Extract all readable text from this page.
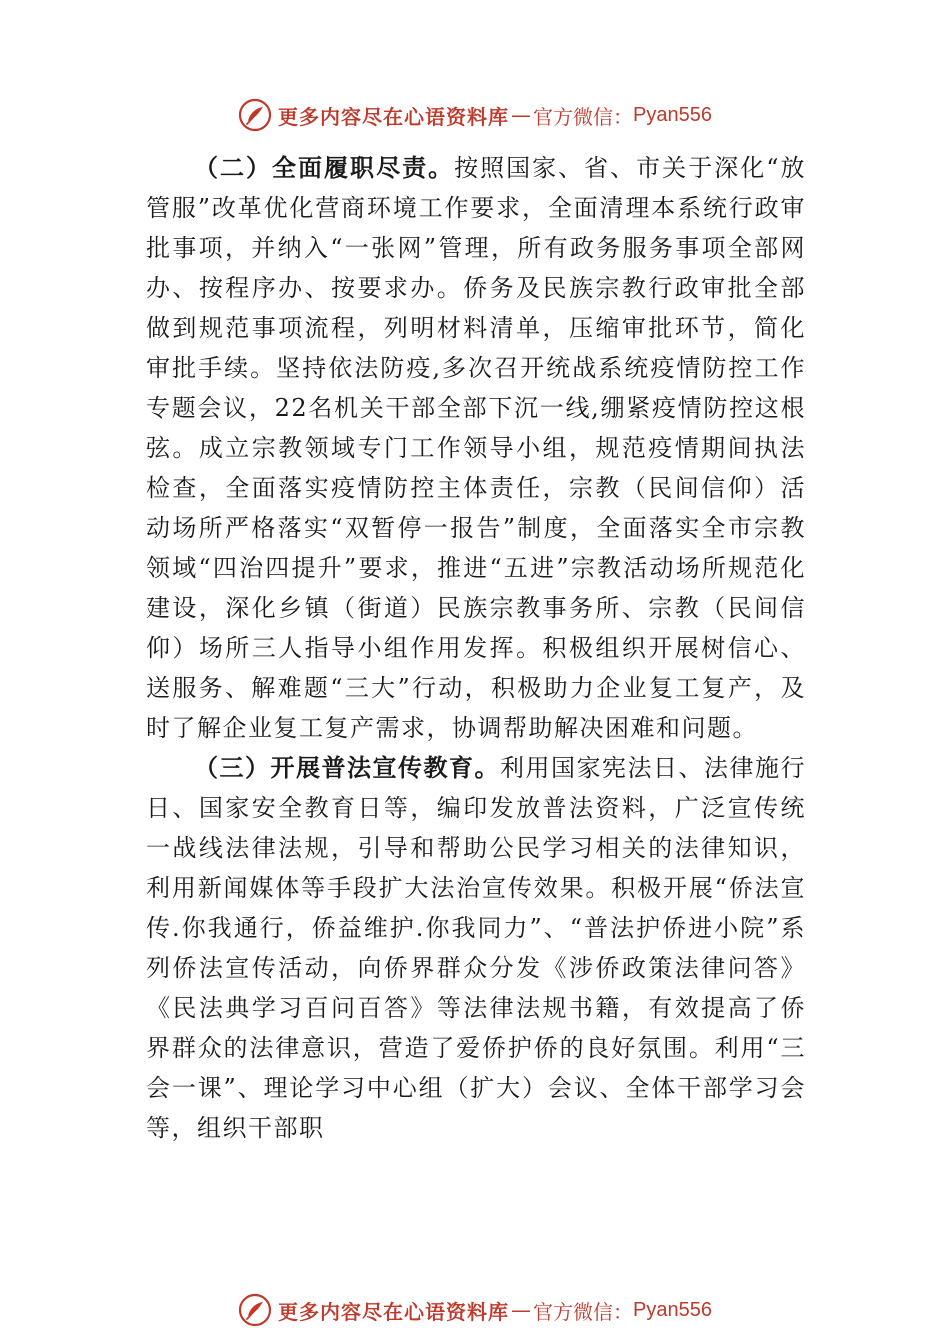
更多内容尽在心语资料库 — 官方微信： Pyan556

（二）全面履职尽责。按照国家、省、市关于深化“放管服”改革优化营商环境工作要求，全面清理本系统行政审批事项，并纳入“一张网”管理，所有政务服务事项全部网办、按程序办、按要求办。侨务及民族宗教行政审批全部做到规范事项流程，列明材料清单，压缩审批环节，简化审批手续。坚持依法防疫,多次召开统战系统疫情防控工作专题会议，22名机关干部全部下沉一线,绷紧疫情防控这根弦。成立宗教领域专门工作领导小组，规范疫情期间执法检查，全面落实疫情防控主体责任，宗教（民间信仰）活动场所严格落实“双暂停一报告”制度，全面落实全市宗教领域“四治四提升”要求，推进“五进”宗教活动场所规范化建设，深化乡镇（街道）民族宗教事务所、宗教（民间信仰）场所三人指导小组作用发挥。积极组织开展树信心、送服务、解难题“三大”行动，积极助力企业复工复产，及时了解企业复工复产需求，协调帮助解决困难和问题。

（三）开展普法宣传教育。利用国家宪法日、法律施行日、国家安全教育日等，编印发放普法资料，广泛宣传统一战线法律法规，引导和帮助公民学习相关的法律知识，利用新闻媒体等手段扩大法治宣传效果。积极开展“侨法宣传.你我通行，侨益维护.你我同力”、“普法护侨进小院”系列侨法宣传活动，向侨界群众分发《涉侨政策法律问答》《民法典学习百问百答》等法律法规书籍，有效提高了侨界群众的法律意识，营造了爱侨护侨的良好氛围。利用“三会一课”、理论学习中心组（扩大）会议、全体干部学习会等，组织干部职

更多内容尽在心语资料库 — 官方微信： Pyan556
